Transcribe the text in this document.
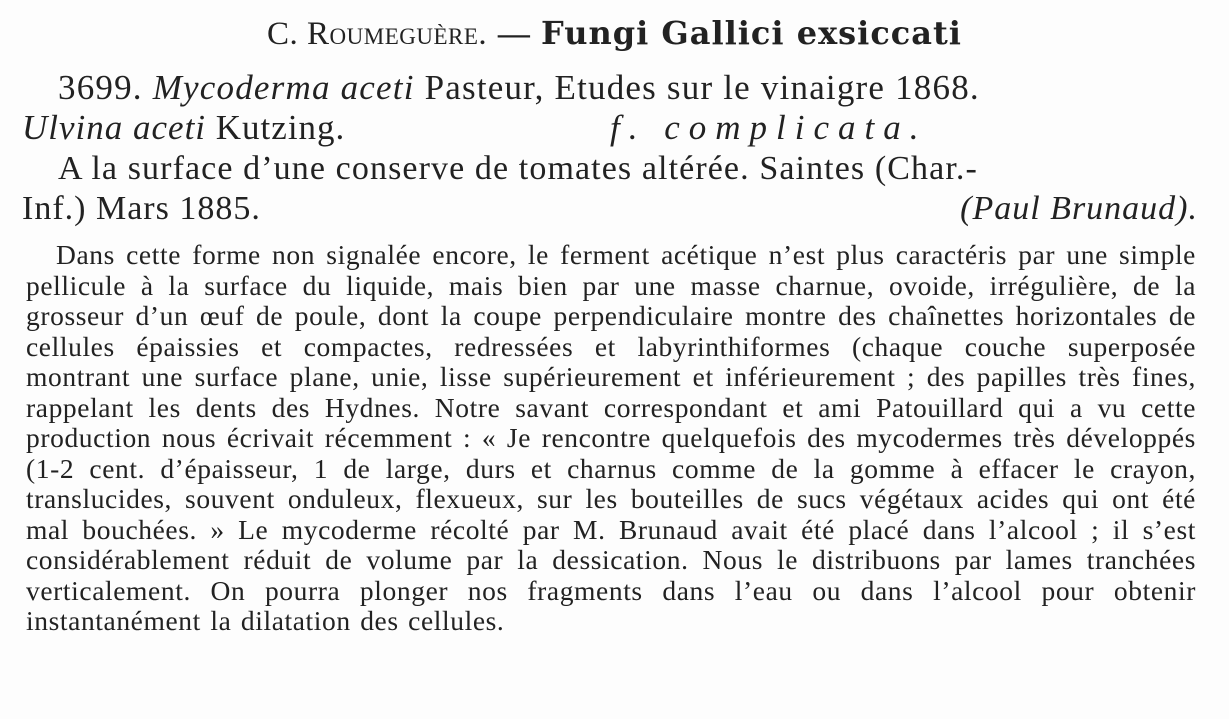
C. Roumeguère. — Fungi Gallici exsiccati
3699. Mycoderma aceti Pasteur, Etudes sur le vinaigre 1868.
Ulvina aceti Kutzing.	f. complicata.
A la surface d’une conserve de tomates altérée. Saintes (Char.-
Inf.) Mars 1885.	(Paul Brunaud).
Dans cette forme non signalée encore, le ferment acétique n’est plus caractéris par une simple pellicule à la surface du liquide, mais bien par une masse charnue, ovoide, irrégulière, de la grosseur d’un œuf de poule, dont la coupe perpendiculaire montre des chaînettes horizontales de cellules épaissies et compactes, redressées et labyrinthiformes (chaque couche superposée montrant une surface plane, unie, lisse supérieurement et inférieurement ; des papilles très fines, rappelant les dents des Hydnes. Notre savant correspondant et ami Patouillard qui a vu cette production nous écrivait récemment : « Je rencontre quelquefois des mycodermes très développés (1-2 cent. d’épaisseur, 1 de large, durs et charnus comme de la gomme à effacer le crayon, translucides, souvent onduleux, flexueux, sur les bouteilles de sucs végétaux acides qui ont été mal bouchées. » Le mycoderme récolté par M. Brunaud avait été placé dans l’alcool ; il s’est considérablement réduit de volume par la dessication. Nous le distribuons par lames tranchées verticalement. On pourra plonger nos fragments dans l’eau ou dans l’alcool pour obtenir instantanément la dilatation des cellules.
